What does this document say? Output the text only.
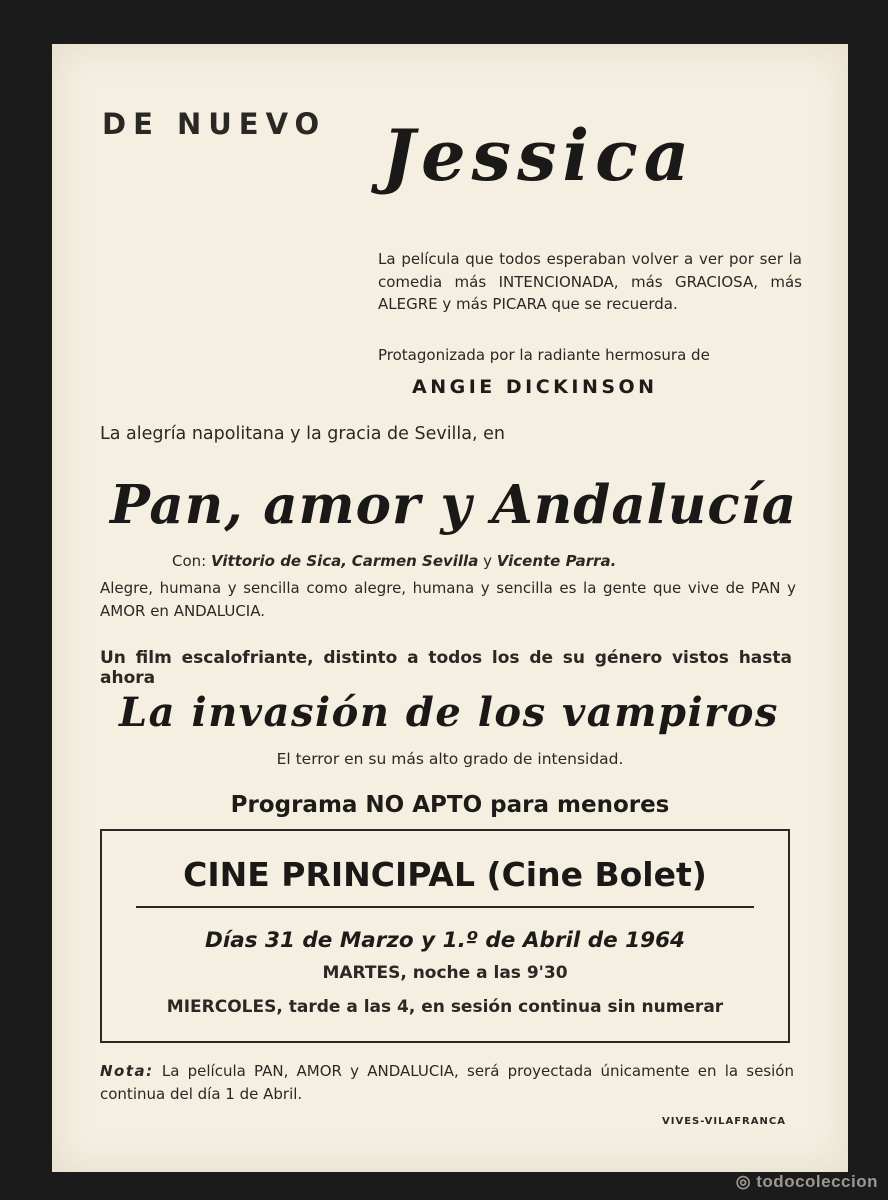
DE NUEVO Jessica

La película que todos esperaban volver a ver por ser la comedia más INTENCIONADA, más GRACIOSA, más ALEGRE y más PICARA que se recuerda.

Protagonizada por la radiante hermosura de

ANGIE DICKINSON
La alegría napolitana y la gracia de Sevilla, en
Pan, amor y Andalucía
Con: Vittorio de Sica, Carmen Sevilla y Vicente Parra.

Alegre, humana y sencilla como alegre, humana y sencilla es la gente que vive de PAN y AMOR en ANDALUCIA.

Un film escalofriante, distinto a todos los de su género vistos hasta ahora
La invasión de los vampiros
El terror en su más alto grado de intensidad.
Programa NO APTO para menores
CINE PRINCIPAL (Cine Bolet)
Días 31 de Marzo y 1.º de Abril de 1964
MARTES, noche a las 9'30
MIERCOLES, tarde a las 4, en sesión continua sin numerar

Nota: La película PAN, AMOR y ANDALUCIA, será proyectada únicamente en la sesión continua del día 1 de Abril.

VIVES-VILAFRANCA
◎ todocoleccion
